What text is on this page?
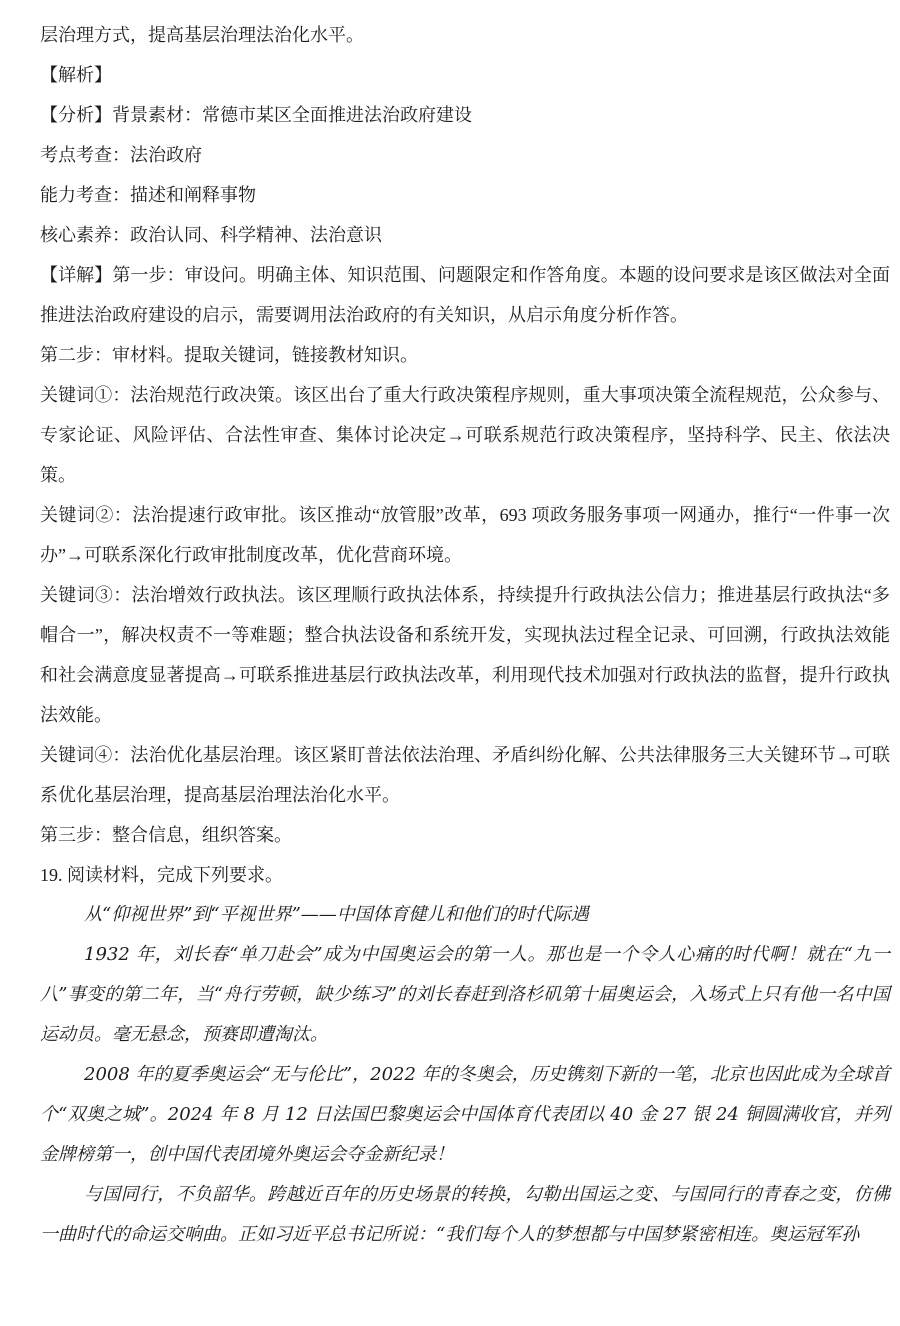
层治理方式，提高基层治理法治化水平。

【解析】

【分析】背景素材：常德市某区全面推进法治政府建设

考点考查：法治政府

能力考查：描述和阐释事物

核心素养：政治认同、科学精神、法治意识

【详解】第一步：审设问。明确主体、知识范围、问题限定和作答角度。本题的设问要求是该区做法对全面推进法治政府建设的启示，需要调用法治政府的有关知识，从启示角度分析作答。

第二步：审材料。提取关键词，链接教材知识。

关键词①：法治规范行政决策。该区出台了重大行政决策程序规则，重大事项决策全流程规范，公众参与、专家论证、风险评估、合法性审查、集体讨论决定→可联系规范行政决策程序，坚持科学、民主、依法决策。

关键词②：法治提速行政审批。该区推动“放管服”改革，693 项政务服务事项一网通办，推行“一件事一次办”→可联系深化行政审批制度改革，优化营商环境。

关键词③：法治增效行政执法。该区理顺行政执法体系，持续提升行政执法公信力；推进基层行政执法“多帽合一”，解决权责不一等难题；整合执法设备和系统开发，实现执法过程全记录、可回溯，行政执法效能和社会满意度显著提高→可联系推进基层行政执法改革，利用现代技术加强对行政执法的监督，提升行政执法效能。

关键词④：法治优化基层治理。该区紧盯普法依法治理、矛盾纠纷化解、公共法律服务三大关键环节→可联系优化基层治理，提高基层治理法治化水平。

第三步：整合信息，组织答案。

19. 阅读材料，完成下列要求。

从“仰视世界”到“平视世界”——中国体育健儿和他们的时代际遇

1932 年，刘长春“单刀赴会”成为中国奥运会的第一人。那也是一个令人心痛的时代啊！就在“九一八”事变的第二年，当“舟行劳顿，缺少练习”的刘长春赶到洛杉矶第十届奥运会，入场式上只有他一名中国运动员。毫无悬念，预赛即遭淘汰。

2008 年的夏季奥运会“无与伦比”，2022 年的冬奥会，历史镌刻下新的一笔，北京也因此成为全球首个“双奥之城”。2024 年 8 月 12 日法国巴黎奥运会中国体育代表团以 40 金 27 银 24 铜圆满收官，并列金牌榜第一，创中国代表团境外奥运会夺金新纪录！

与国同行，不负韶华。跨越近百年的历史场景的转换，勾勒出国运之变、与国同行的青春之变，仿佛一曲时代的命运交响曲。正如习近平总书记所说：“我们每个人的梦想都与中国梦紧密相连。奥运冠军孙
